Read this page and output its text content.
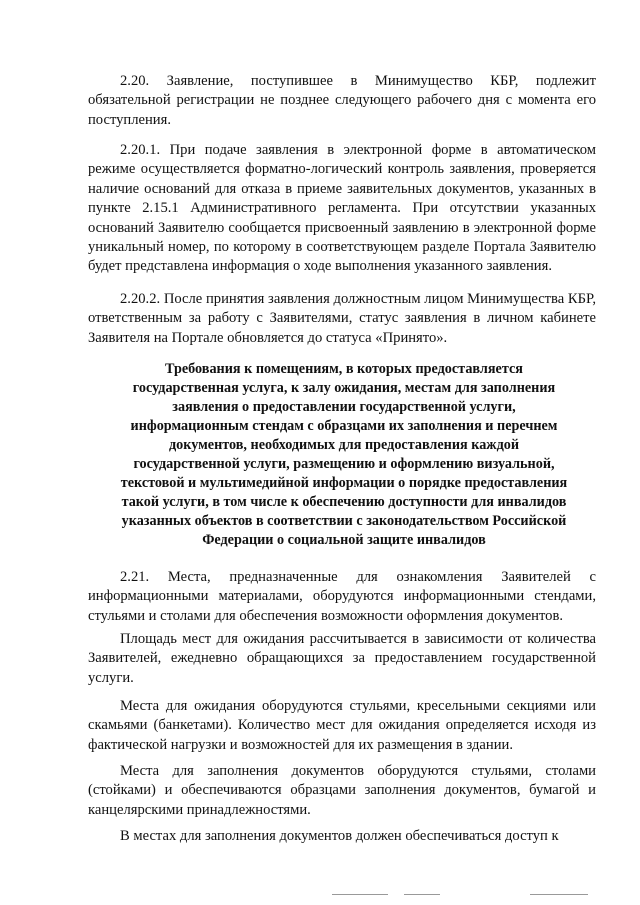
2.20. Заявление, поступившее в Минимущество КБР, подлежит обязательной регистрации не позднее следующего рабочего дня с момента его поступления.

2.20.1. При подаче заявления в электронной форме в автоматическом режиме осуществляется форматно-логический контроль заявления, проверяется наличие оснований для отказа в приеме заявительных документов, указанных в пункте 2.15.1 Административного регламента. При отсутствии указанных оснований Заявителю сообщается присвоенный заявлению в электронной форме уникальный номер, по которому в соответствующем разделе Портала Заявителю будет представлена информация о ходе выполнения указанного заявления.

2.20.2. После принятия заявления должностным лицом Минимущества КБР, ответственным за работу с Заявителями, статус заявления в личном кабинете Заявителя на Портале обновляется до статуса «Принято».

Требования к помещениям, в которых предоставляется государственная услуга, к залу ожидания, местам для заполнения заявления о предоставлении государственной услуги, информационным стендам с образцами их заполнения и перечнем документов, необходимых для предоставления каждой государственной услуги, размещению и оформлению визуальной, текстовой и мультимедийной информации о порядке предоставления такой услуги, в том числе к обеспечению доступности для инвалидов указанных объектов в соответствии с законодательством Российской Федерации о социальной защите инвалидов

2.21. Места, предназначенные для ознакомления Заявителей с информационными материалами, оборудуются информационными стендами, стульями и столами для обеспечения возможности оформления документов.

Площадь мест для ожидания рассчитывается в зависимости от количества Заявителей, ежедневно обращающихся за предоставлением государственной услуги.

Места для ожидания оборудуются стульями, кресельными секциями или скамьями (банкетами). Количество мест для ожидания определяется исходя из фактической нагрузки и возможностей для их размещения в здании.

Места для заполнения документов оборудуются стульями, столами (стойками) и обеспечиваются образцами заполнения документов, бумагой и канцелярскими принадлежностями.

В местах для заполнения документов должен обеспечиваться доступ к
